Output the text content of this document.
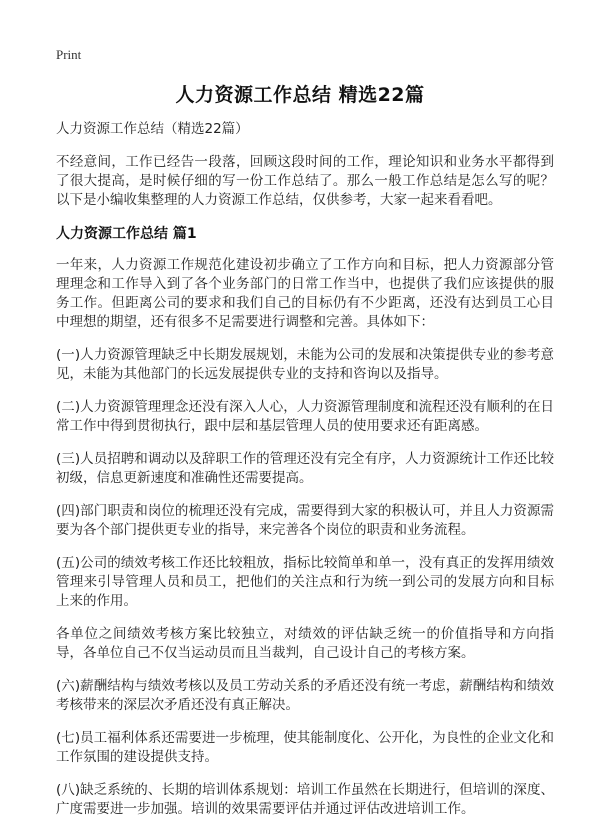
Print
人力资源工作总结 精选22篇

人力资源工作总结（精选22篇）

不经意间，工作已经告一段落，回顾这段时间的工作，理论知识和业务水平都得到了很大提高，是时候仔细的写一份工作总结了。那么一般工作总结是怎么写的呢？以下是小编收集整理的人力资源工作总结，仅供参考，大家一起来看看吧。

人力资源工作总结 篇1

一年来，人力资源工作规范化建设初步确立了工作方向和目标，把人力资源部分管理理念和工作导入到了各个业务部门的日常工作当中，也提供了我们应该提供的服务工作。但距离公司的要求和我们自己的目标仍有不少距离，还没有达到员工心目中理想的期望，还有很多不足需要进行调整和完善。具体如下：

(一)人力资源管理缺乏中长期发展规划，未能为公司的发展和决策提供专业的参考意见，未能为其他部门的长远发展提供专业的支持和咨询以及指导。

(二)人力资源管理理念还没有深入人心，人力资源管理制度和流程还没有顺利的在日常工作中得到贯彻执行，跟中层和基层管理人员的使用要求还有距离感。

(三)人员招聘和调动以及辞职工作的管理还没有完全有序，人力资源统计工作还比较初级，信息更新速度和准确性还需要提高。

(四)部门职责和岗位的梳理还没有完成，需要得到大家的积极认可，并且人力资源需要为各个部门提供更专业的指导，来完善各个岗位的职责和业务流程。

(五)公司的绩效考核工作还比较粗放，指标比较简单和单一，没有真正的发挥用绩效管理来引导管理人员和员工，把他们的关注点和行为统一到公司的发展方向和目标上来的作用。

各单位之间绩效考核方案比较独立，对绩效的评估缺乏统一的价值指导和方向指导，各单位自己不仅当运动员而且当裁判，自己设计自己的考核方案。

(六)薪酬结构与绩效考核以及员工劳动关系的矛盾还没有统一考虑，薪酬结构和绩效考核带来的深层次矛盾还没有真正解决。

(七)员工福利体系还需要进一步梳理，使其能制度化、公开化，为良性的企业文化和工作氛围的建设提供支持。

(八)缺乏系统的、长期的培训体系规划：培训工作虽然在长期进行，但培训的深度、广度需要进一步加强。培训的效果需要评估并通过评估改进培训工作。
